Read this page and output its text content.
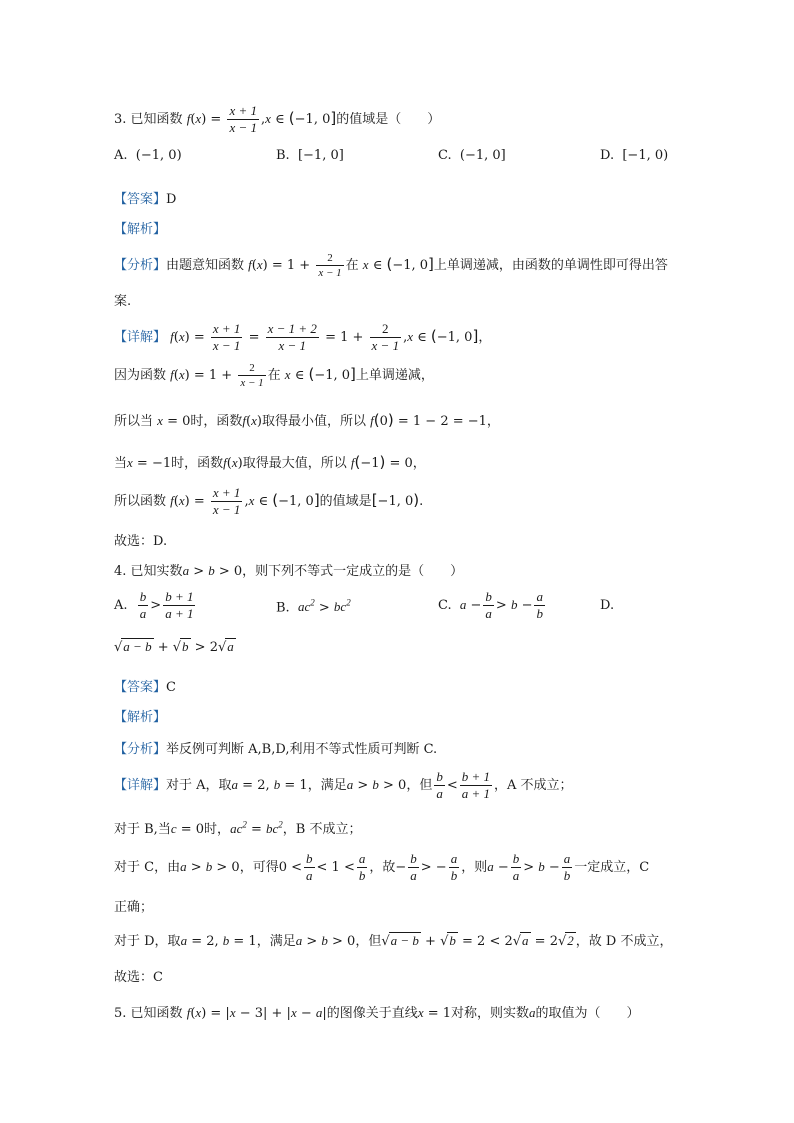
3. 已知函数 $f(x) = \frac{x + 1}{x - 1} ,x$ ∈ (−1, 0]的值域是（　　）
A. (−1, 0)	B. [−1, 0]	C. (−1, 0]	D. [−1, 0)
【答案】D
【解析】
【分析】由题意知函数 $f(x) = 1 + \frac{2}{x - 1}$ 在 x ∈ (−1, 0]上单调递减，由函数的单调性即可得出答
案.
【详解】 $f(x) = \frac{x + 1}{x - 1} = \frac{x - 1 + 2}{x - 1} = 1 + \frac{2}{x - 1} ,x$ ∈ (−1, 0]，
因为函数 $f(x) = 1 + \frac{2}{x - 1}$ 在 x ∈ (−1, 0]上单调递减，
所以当 x = 0时，函数f(x)取得最小值，所以 f(0) = 1 − 2 = −1，
当x = −1时，函数f(x)取得最大值，所以 f(−1) = 0，
所以函数 $f(x) = \frac{x + 1}{x - 1} ,x$ ∈ (−1, 0]的值域是[−1, 0).
故选：D.
4. 已知实数a > b > 0，则下列不等式一定成立的是（　　）
A. $\frac{b}{a} > \frac{b + 1}{a + 1}$	B. $ac^2 > bc^2$	C. $a - \frac{b}{a} > b - \frac{a}{b}$	D.
√a − b + √b > 2√a
【答案】C
【解析】
【分析】举反例可判断 A,B,D,利用不等式性质可判断 C.
【详解】对于 A，取a = 2, b = 1，满足a > b > 0，但 $\frac{b}{a} < \frac{b + 1}{a + 1}$ ，A 不成立；
对于 B,当c = 0时，$ac^2 = bc^2$，B 不成立；
对于 C，由a > b > 0，可得$0 < \frac{b}{a} < 1 < \frac{a}{b}$ ，故− $\frac{b}{a}$ > − $\frac{a}{b}$ ，则$a - \frac{b}{a} > b - \frac{a}{b}$ 一定成立，C
正确；
对于 D，取a = 2, b = 1，满足a > b > 0，但√a − b + √b = 2 < 2√a = 2√2 ，故 D 不成立，
故选：C
5. 已知函数 f(x) = |x − 3| + |x − a|的图像关于直线x = 1对称，则实数a的取值为（　　）
